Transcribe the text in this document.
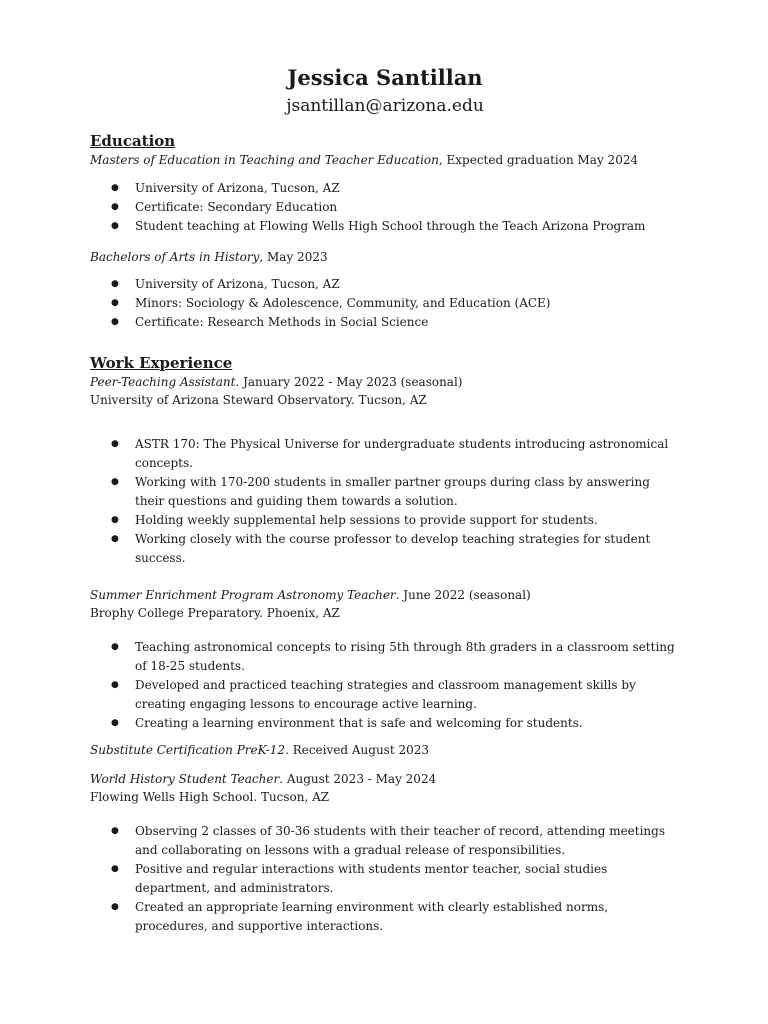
Jessica Santillan

jsantillan@arizona.edu

Education

Masters of Education in Teaching and Teacher Education, Expected graduation May 2024

● University of Arizona, Tucson, AZ
● Certificate: Secondary Education
● Student teaching at Flowing Wells High School through the Teach Arizona Program

Bachelors of Arts in History, May 2023

● University of Arizona, Tucson, AZ
● Minors: Sociology & Adolescence, Community, and Education (ACE)
● Certificate: Research Methods in Social Science
Work Experience

Peer-Teaching Assistant. January 2022 - May 2023 (seasonal)

University of Arizona Steward Observatory. Tucson, AZ

● ASTR 170: The Physical Universe for undergraduate students introducing astronomical concepts.
● Working with 170-200 students in smaller partner groups during class by answering their questions and guiding them towards a solution.
● Holding weekly supplemental help sessions to provide support for students.
● Working closely with the course professor to develop teaching strategies for student success.

Summer Enrichment Program Astronomy Teacher. June 2022 (seasonal)

Brophy College Preparatory. Phoenix, AZ

● Teaching astronomical concepts to rising 5th through 8th graders in a classroom setting of 18-25 students.
● Developed and practiced teaching strategies and classroom management skills by creating engaging lessons to encourage active learning.
● Creating a learning environment that is safe and welcoming for students.

Substitute Certification PreK-12. Received August 2023

World History Student Teacher. August 2023 - May 2024

Flowing Wells High School. Tucson, AZ

● Observing 2 classes of 30-36 students with their teacher of record, attending meetings and collaborating on lessons with a gradual release of responsibilities.
● Positive and regular interactions with students mentor teacher, social studies department, and administrators.
● Created an appropriate learning environment with clearly established norms, procedures, and supportive interactions.
